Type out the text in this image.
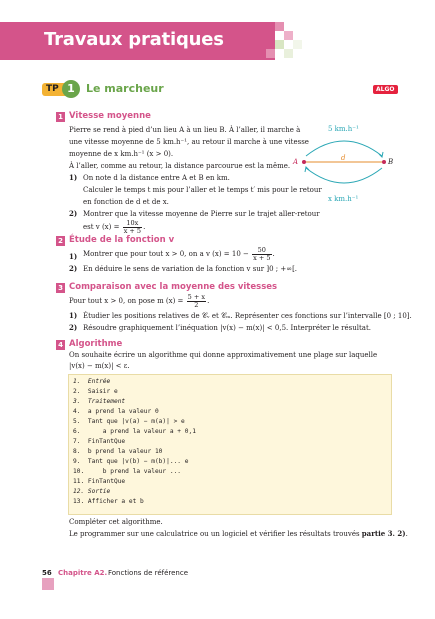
Travaux pratiques
TP 1	Le marcheur	ALGO
1 Vitesse moyenne
Pierre se rend à pied d’un lieu A à un lieu B. À l’aller, il marche à
une vitesse moyenne de 5 km.h⁻¹, au retour il marche à une vitesse
moyenne de x km.h⁻¹ (x > 0).
À l’aller, comme au retour, la distance parcourue est la même.
1) On note d la distance entre A et B en km.
Calculer le temps t mis pour l’aller et le temps t′ mis pour le retour
en fonction de d et de x.
2) Montrer que la vitesse moyenne de Pierre sur le trajet aller-retour
est v $(x) = \frac{10x}{x + 5}$ .
5 km.h⁻¹
d
A	B
x km.h⁻¹
2 Étude de la fonction v
1) Montrer que pour tout x > 0, on a v $(x) = 10 - \frac{50}{x + 5}$ .
2) En déduire le sens de variation de la fonction v sur ]0 ; +∞[.
3 Comparaison avec la moyenne des vitesses
Pour tout x > 0, on pose m $(x) = \frac{5 + x}{2}$ .
1) Étudier les positions relatives de 𝒞ᵥ et 𝒞ₘ. Représenter ces fonctions sur l’intervalle [0 ; 10].
2) Résoudre graphiquement l’inéquation |v(x) − m(x)| < 0,5. Interpréter le résultat.
4 Algorithme
On souhaite écrire un algorithme qui donne approximativement une plage sur laquelle
|v(x) − m(x)| < ε.
1.  Entrée
2.  Saisir e
3.  Traitement
4.  a prend la valeur 0
5.  Tant que |v(a) − m(a)| > e
6.      a prend la valeur a + 0,1
7.  FinTantQue
8.  b prend la valeur 10
9.  Tant que |v(b) − m(b)|... e
10.     b prend la valeur ...
11. FinTantQue
12. Sortie
13. Afficher a et b
Compléter cet algorithme.
Le programmer sur une calculatrice ou un logiciel et vérifier les résultats trouvés partie 3. 2).
56 Chapitre A2. Fonctions de référence
